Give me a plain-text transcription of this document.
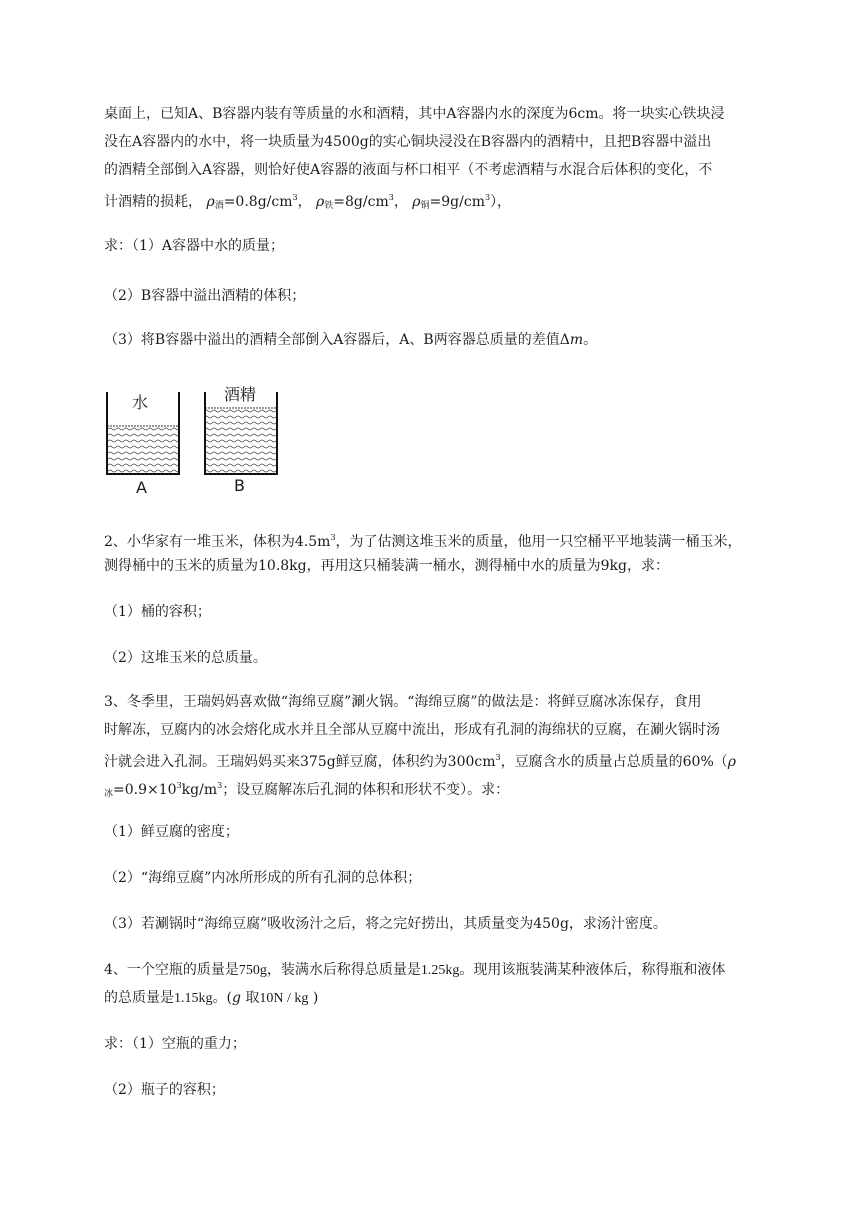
桌面上，已知A、B容器内装有等质量的水和酒精，其中A容器内水的深度为6cm。将一块实心铁块浸
没在A容器内的水中，将一块质量为4500g的实心铜块浸没在B容器内的酒精中，且把B容器中溢出
的酒精全部倒入A容器，则恰好使A容器的液面与杯口相平（不考虑酒精与水混合后体积的变化，不
计酒精的损耗， $\rho_酒=0.8g/cm^3$， $\rho_铁=8g/cm^3$， $\rho_铜=9g/cm^3$），
求：（1）A容器中水的质量；
（2）B容器中溢出酒精的体积；
（3）将B容器中溢出的酒精全部倒入A容器后，A、B两容器总质量的差值Δm。
水	酒精
A	B
2、小华家有一堆玉米，体积为$4.5m^3$，为了估测这堆玉米的质量，他用一只空桶平平地装满一桶玉米，
测得桶中的玉米的质量为10.8kg，再用这只桶装满一桶水，测得桶中水的质量为9kg，求：
（1）桶的容积；
（2）这堆玉米的总质量。
3、冬季里，王瑞妈妈喜欢做“海绵豆腐”涮火锅。“海绵豆腐”的做法是：将鲜豆腐冰冻保存，食用
时解冻，豆腐内的冰会熔化成水并且全部从豆腐中流出，形成有孔洞的海绵状的豆腐，在涮火锅时汤
汁就会进入孔洞。王瑞妈妈买来375g鲜豆腐，体积约为$300cm^3$，豆腐含水的质量占总质量的60%（ρ
$_冰=0.9\times 10^3kg/m^3$；设豆腐解冻后孔洞的体积和形状不变）。求：
（1）鲜豆腐的密度；
（2）“海绵豆腐”内冰所形成的所有孔洞的总体积；
（3）若涮锅时“海绵豆腐”吸收汤汁之后，将之完好捞出，其质量变为450g，求汤汁密度。
4、一个空瓶的质量是750g，装满水后称得总质量是1.25kg。现用该瓶装满某种液体后，称得瓶和液体
的总质量是1.15kg。(g 取10N / kg )
求：（1）空瓶的重力；
（2）瓶子的容积；
